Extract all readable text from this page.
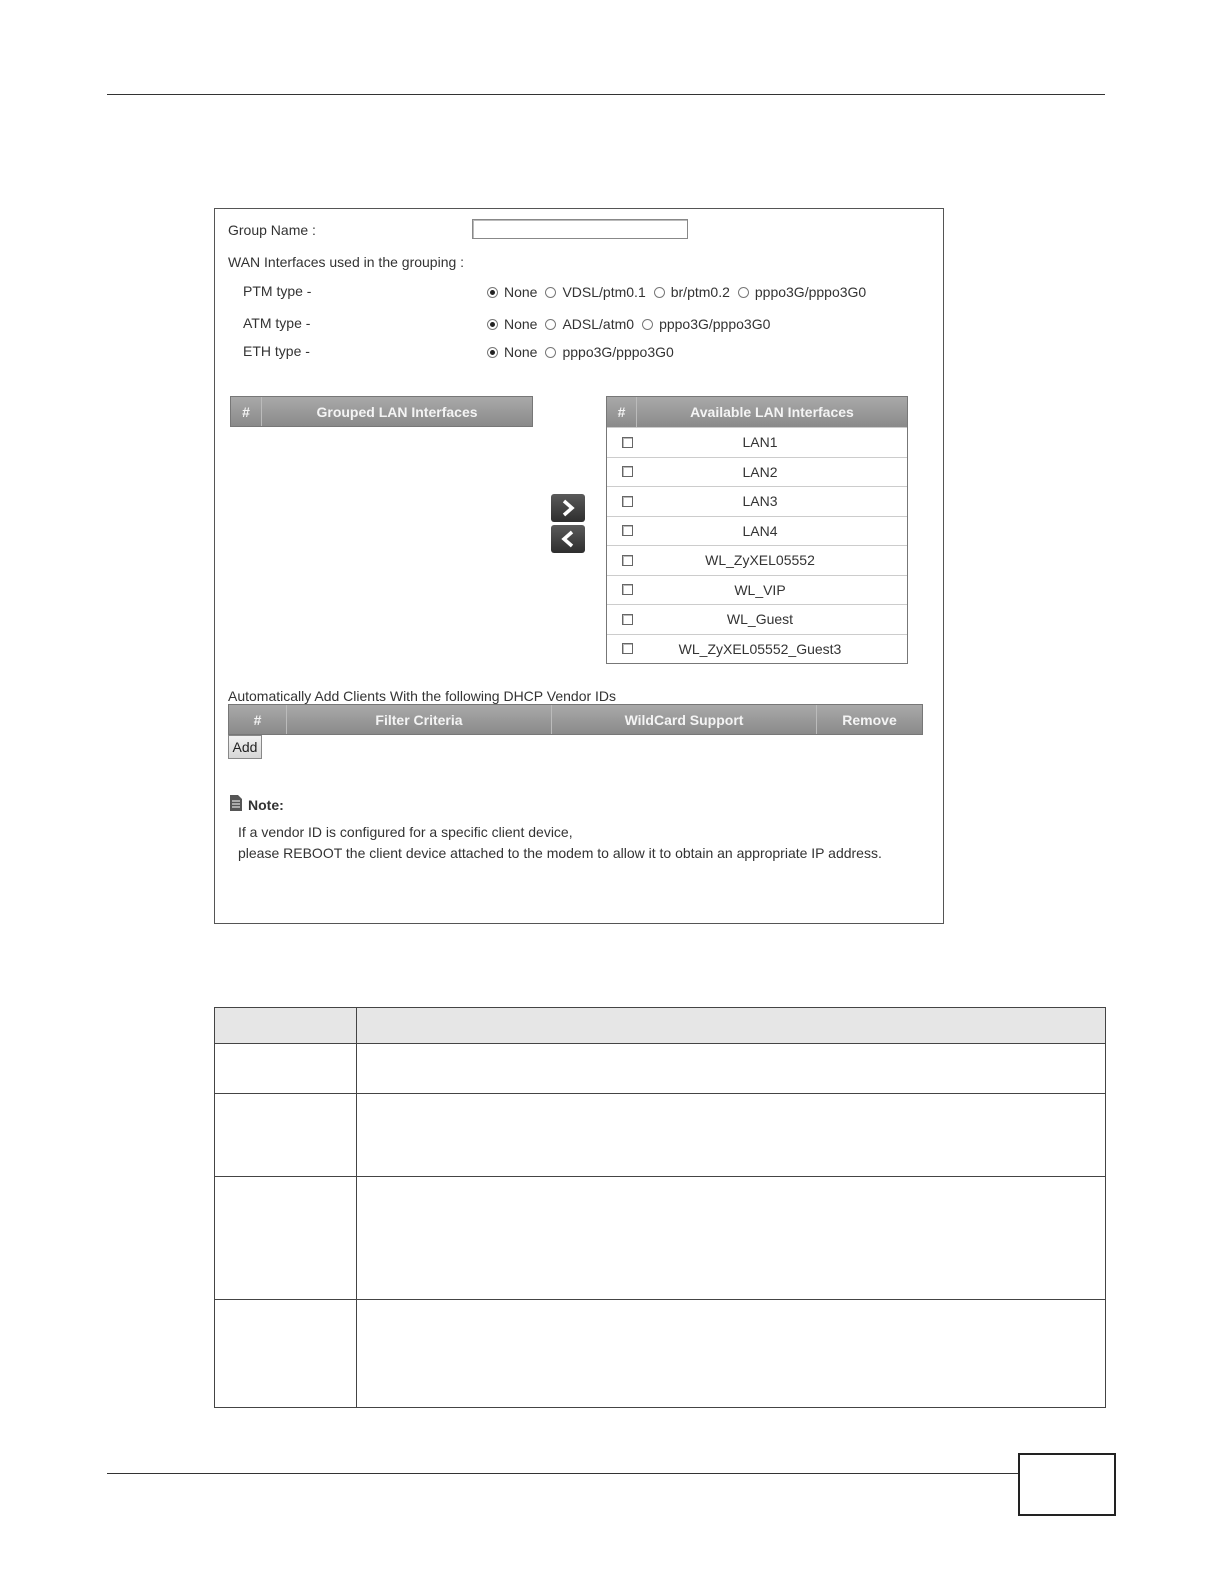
Group Name :
WAN Interfaces used in the grouping :
PTM type -	None VDSL/ptm0.1 br/ptm0.2 pppo3G/pppo3G0
ATM type -	None ADSL/atm0 pppo3G/pppo3G0
ETH type -	None pppo3G/pppo3G0
#	Grouped LAN Interfaces	#	Available LAN Interfaces
LAN1
LAN2
LAN3
LAN4
WL_ZyXEL05552
WL_VIP
WL_Guest
WL_ZyXEL05552_Guest3
Automatically Add Clients With the following DHCP Vendor IDs
#	Filter Criteria	WildCard Support	Remove
Add
Note:
If a vendor ID is configured for a specific client device,
please REBOOT the client device attached to the modem to allow it to obtain an appropriate IP address.
